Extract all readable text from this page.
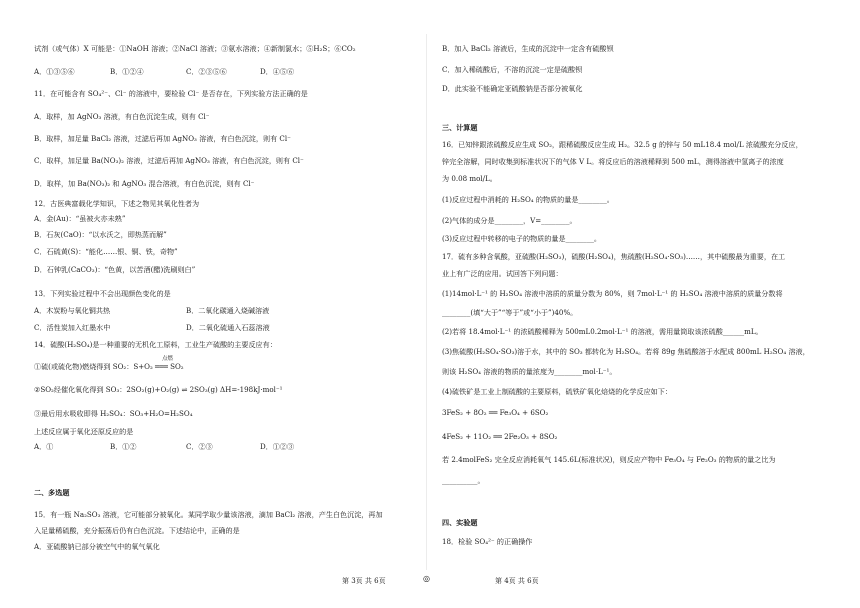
试剂（或气体）X 可能是：①NaOH 溶液；②NaCl 溶液；③氨水溶液；④新制氯水；⑤H₂S；⑥CO₂
A．①③⑤⑥	B．①②④	C．②③⑤⑥	D．④⑤⑥
11．在可能含有 SO₄²⁻、Cl⁻ 的溶液中，要检验 Cl⁻ 是否存在，下列实验方法正确的是
A．取样，加 AgNO₃ 溶液，有白色沉淀生成，则有 Cl⁻
B．取样，加足量 BaCl₂ 溶液，过滤后再加 AgNO₃ 溶液，有白色沉淀，则有 Cl⁻
C．取样，加足量 Ba(NO₃)₂ 溶液，过滤后再加 AgNO₃ 溶液，有白色沉淀，则有 Cl⁻
D．取样，加 Ba(NO₃)₂ 和 AgNO₃ 混合溶液，有白色沉淀，则有 Cl⁻
12．古医典富载化学知识，下述之物见其氧化性者为
A．金(Au)：“虽被火亦未熟”
B．石灰(CaO)：“以水沃之，即热蒸而解”
C．石硫黄(S)：“能化……银、铜、铁，奇物”
D．石钟乳(CaCO₃)：“色黄，以苦酒(醋)洗刷则白”
13．下列实验过程中不会出现颜色变化的是
A．木炭粉与氧化铜共热	B．二氧化碳通入烧碱溶液
C．活性炭加入红墨水中	D．二氧化硫通入石蕊溶液
14．硫酸(H₂SO₄)是一种重要的无机化工原料，工业生产硫酸的主要反应有：
点燃
①硫(或硫化物)燃烧得到 SO₂：S+O₂ ═══ SO₂
②SO₂经催化氧化得到 SO₃：2SO₂(g)+O₂(g) ⇌ 2SO₃(g) ΔH=-198kJ·mol⁻¹
③最后用水吸收即得 H₂SO₄：SO₃+H₂O=H₂SO₄
上述反应属于氧化还原反应的是
A．①	B．①②	C．②③	D．①②③
二、多选题
15．有一瓶 Na₂SO₃ 溶液，它可能部分被氧化。某同学取少量该溶液，滴加 BaCl₂ 溶液，产生白色沉淀，再加
入足量稀硫酸，充分振荡后仍有白色沉淀。下述结论中，正确的是
A．亚硫酸钠已部分被空气中的氧气氧化
B．加入 BaCl₂ 溶液后，生成的沉淀中一定含有硫酸钡
C．加入稀硫酸后，不溶的沉淀一定是硫酸钡
D．此实验不能确定亚硫酸钠是否部分被氧化
三、计算题
16．已知锌跟浓硫酸反应生成 SO₂，跟稀硫酸反应生成 H₂。32.5 g 的锌与 50 mL18.4 mol/L 浓硫酸充分反应，
锌完全溶解，同时收集到标准状况下的气体 V L。将反应后的溶液稀释到 500 mL，测得溶液中氢离子的浓度
为 0.08 mol/L。
(1)反应过程中消耗的 H₂SO₄ 的物质的量是________。
(2)气体的成分是________，V=________。
(3)反应过程中转移的电子的物质的量是________。
17．硫有多种含氧酸，亚硫酸(H₂SO₃)，硫酸(H₂SO₄)，焦硫酸(H₂SO₄·SO₃)……，其中硫酸最为重要，在工
业上有广泛的应用。试回答下列问题：
(1)14mol·L⁻¹ 的 H₂SO₄ 溶液中溶质的质量分数为 80%，则 7mol·L⁻¹ 的 H₂SO₄ 溶液中溶质的质量分数将
________(填“大于”“等于”或“小于”)40%。
(2)若将 18.4mol·L⁻¹ 的浓硫酸稀释为 500mL0.2mol·L⁻¹ 的溶液，需用量筒取该浓硫酸______mL。
(3)焦硫酸(H₂SO₄·SO₃)溶于水，其中的 SO₃ 都转化为 H₂SO₄。若将 89g 焦硫酸溶于水配成 800mL H₂SO₄ 溶液，
则该 H₂SO₄ 溶液的物质的量浓度为________mol·L⁻¹。
(4)硫铁矿是工业上制硫酸的主要原料，硫铁矿氧化焙烧的化学反应如下：
3FeS₂ + 8O₂ ══ Fe₃O₄ + 6SO₂
4FeS₂ + 11O₂ ══ 2Fe₂O₃ + 8SO₂
若 2.4molFeS₂ 完全反应消耗氧气 145.6L(标准状况)，则反应产物中 Fe₃O₄ 与 Fe₂O₃ 的物质的量之比为
__________。
四、实验题
18．检验 SO₄²⁻ 的正确操作
第 3页 共 6页	◎	第 4页 共 6页
